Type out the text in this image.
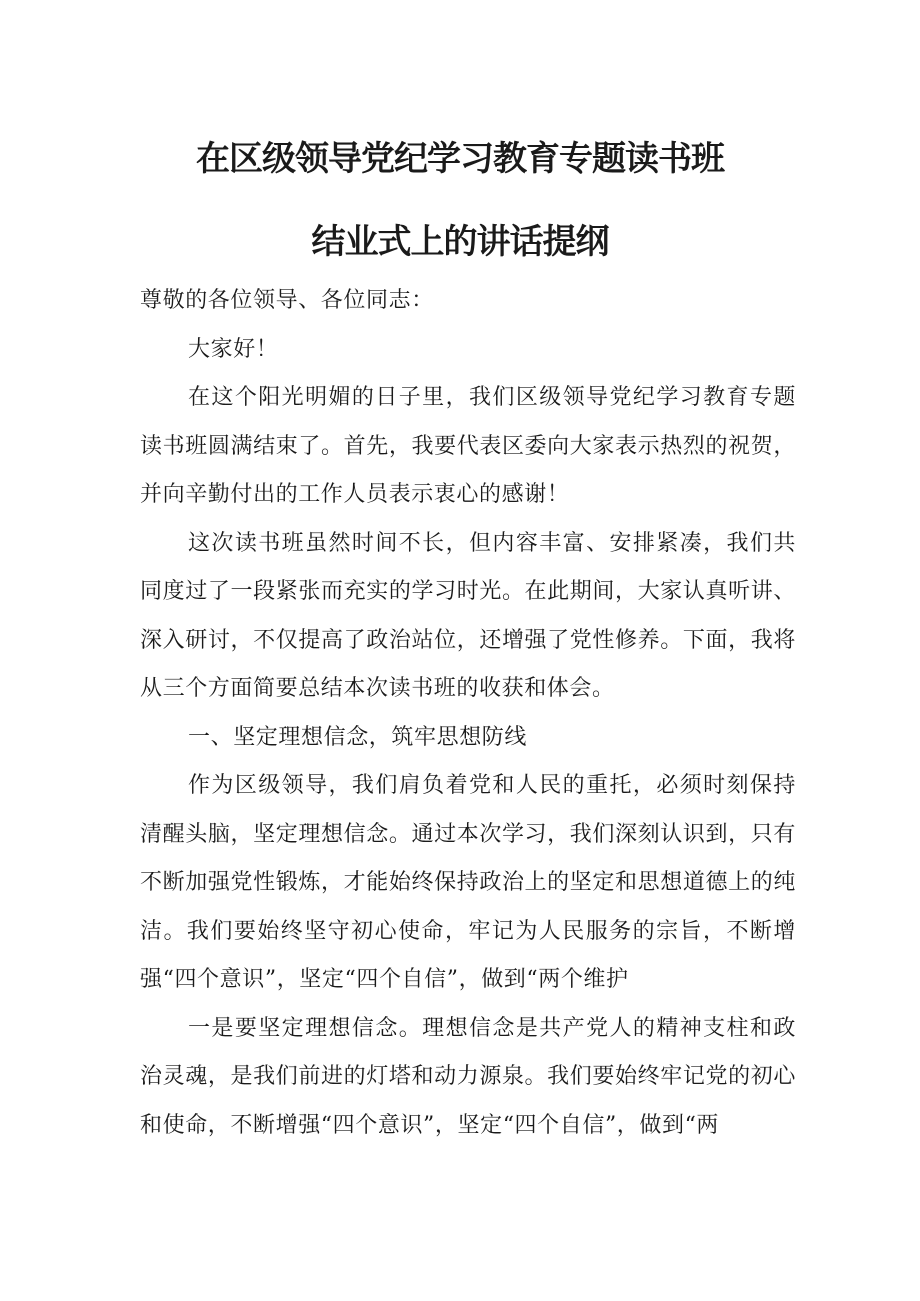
在区级领导党纪学习教育专题读书班
结业式上的讲话提纲

尊敬的各位领导、各位同志：

大家好！

在这个阳光明媚的日子里，我们区级领导党纪学习教育专题读书班圆满结束了。首先，我要代表区委向大家表示热烈的祝贺，并向辛勤付出的工作人员表示衷心的感谢！

这次读书班虽然时间不长，但内容丰富、安排紧凑，我们共同度过了一段紧张而充实的学习时光。在此期间，大家认真听讲、深入研讨，不仅提高了政治站位，还增强了党性修养。下面，我将从三个方面简要总结本次读书班的收获和体会。

一、坚定理想信念，筑牢思想防线

作为区级领导，我们肩负着党和人民的重托，必须时刻保持清醒头脑，坚定理想信念。通过本次学习，我们深刻认识到，只有不断加强党性锻炼，才能始终保持政治上的坚定和思想道德上的纯洁。我们要始终坚守初心使命，牢记为人民服务的宗旨，不断增强“四个意识”，坚定“四个自信”，做到“两个维护

一是要坚定理想信念。理想信念是共产党人的精神支柱和政治灵魂，是我们前进的灯塔和动力源泉。我们要始终牢记党的初心和使命，不断增强“四个意识”，坚定“四个自信”，做到“两
